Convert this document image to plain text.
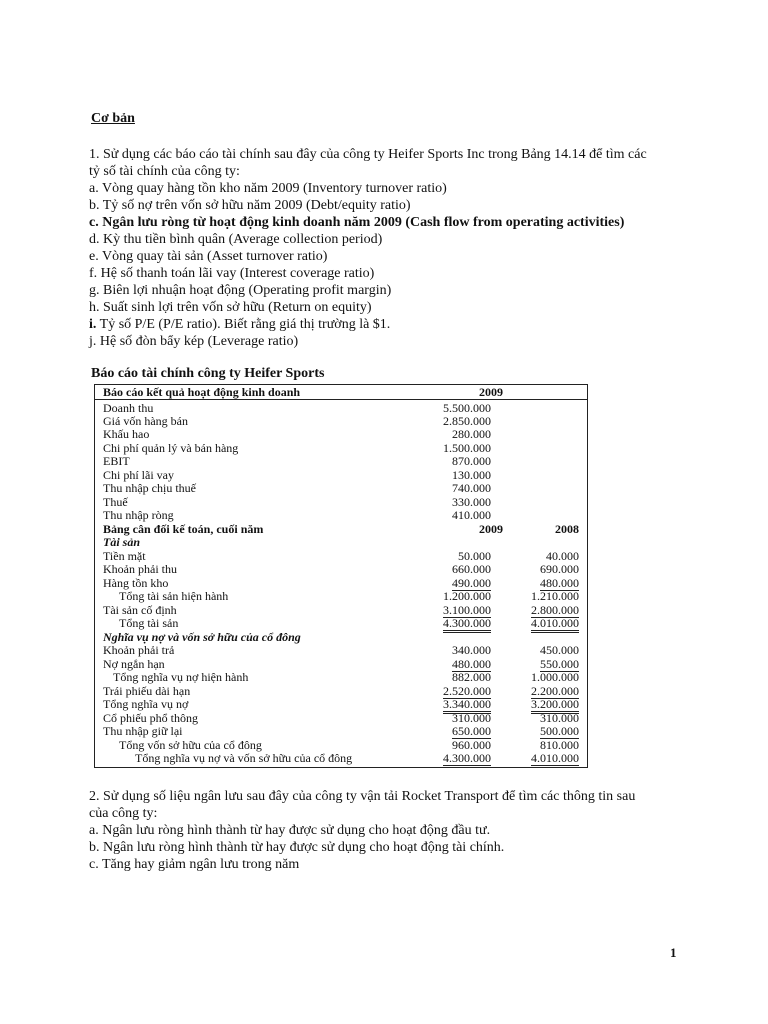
Cơ bản

1. Sử dụng các báo cáo tài chính sau đây của công ty Heifer Sports Inc trong Bảng 14.14 để tìm các

tỷ số tài chính của công ty:

a. Vòng quay hàng tồn kho năm 2009 (Inventory turnover ratio)

b. Tỷ số nợ trên vốn sở hữu năm 2009 (Debt/equity ratio)

c. Ngân lưu ròng từ hoạt động kinh doanh năm 2009 (Cash flow from operating activities)

d. Kỳ thu tiền bình quân (Average collection period)

e. Vòng quay tài sản (Asset turnover ratio)

f. Hệ số thanh toán lãi vay (Interest coverage ratio)

g. Biên lợi nhuận hoạt động (Operating profit margin)

h. Suất sinh lợi trên vốn sở hữu (Return on equity)

i. Tỷ số P/E (P/E ratio). Biết rằng giá thị trường là $1.

j. Hệ số đòn bẩy kép (Leverage ratio)

Báo cáo tài chính công ty Heifer Sports

Báo cáo kết quả hoạt động kinh doanh	2009
Doanh thu	5.500.000
Giá vốn hàng bán	2.850.000
Khấu hao	280.000
Chi phí quản lý và bán hàng	1.500.000
EBIT	870.000
Chi phí lãi vay	130.000
Thu nhập chịu thuế	740.000
Thuế	330.000
Thu nhập ròng	410.000
Bảng cân đối kế toán, cuối năm	2009	2008
Tài sản
Tiền mặt	50.000	40.000
Khoản phải thu	660.000	690.000
Hàng tồn kho	490.000	480.000
Tổng tài sản hiện hành	1.200.000	1.210.000
Tài sản cố định	3.100.000	2.800.000
Tổng tài sản	4.300.000	4.010.000
Nghĩa vụ nợ và vốn sở hữu của cổ đông
Khoản phải trả	340.000	450.000
Nợ ngắn hạn	480.000	550.000
Tổng nghĩa vụ nợ hiện hành	882.000	1.000.000
Trái phiếu dài hạn	2.520.000	2.200.000
Tổng nghĩa vụ nợ	3.340.000	3.200.000
Cổ phiếu phổ thông	310.000	310.000
Thu nhập giữ lại	650.000	500.000
Tổng vốn sở hữu của cổ đông	960.000	810.000
Tổng nghĩa vụ nợ và vốn sở hữu của cổ đông	4.300.000	4.010.000

2. Sử dụng số liệu ngân lưu sau đây của công ty vận tải Rocket Transport để tìm các thông tin sau

của công ty:

a. Ngân lưu ròng hình thành từ hay được sử dụng cho hoạt động đầu tư.

b. Ngân lưu ròng hình thành từ hay được sử dụng cho hoạt động tài chính.

c. Tăng hay giảm ngân lưu trong năm

1
